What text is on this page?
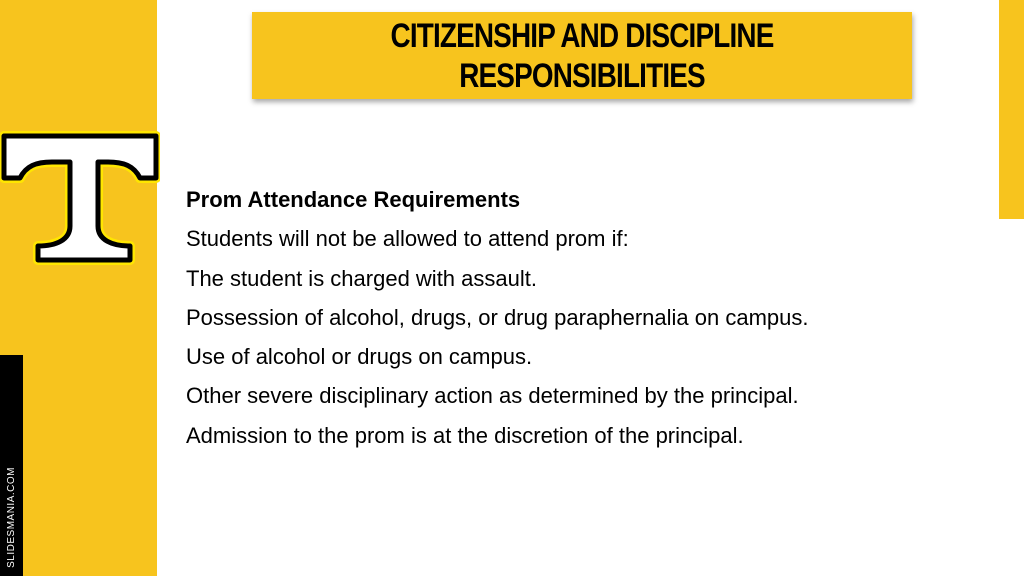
SLIDESMANIA.COM
CITIZENSHIP AND DISCIPLINE RESPONSIBILITIES

Prom Attendance Requirements

Students will not be allowed to attend prom if:

The student is charged with assault.

Possession of alcohol, drugs, or drug paraphernalia on campus.

Use of alcohol or drugs on campus.

Other severe disciplinary action as determined by the principal.

Admission to the prom is at the discretion of the principal.
